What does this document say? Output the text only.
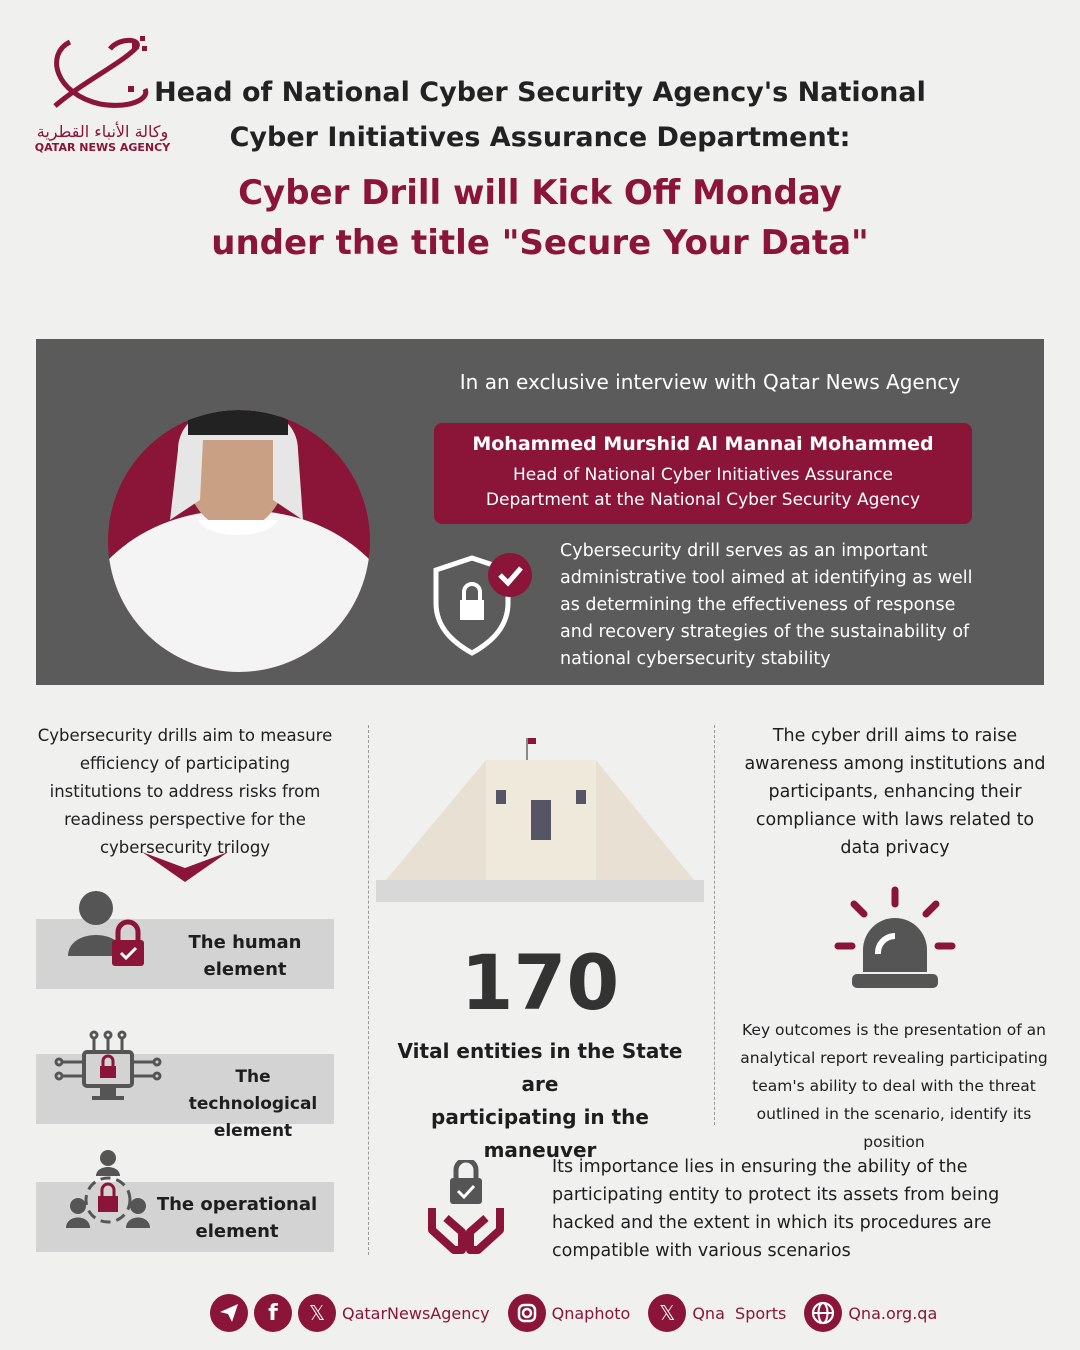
وكالة الأنباء القطرية
QATAR NEWS AGENCY
Head of National Cyber Security Agency's National
Cyber Initiatives Assurance Department:
Cyber Drill will Kick Off Monday
under the title "Secure Your Data"
In an exclusive interview with Qatar News Agency
Mohammed Murshid Al Mannai Mohammed
Head of National Cyber Initiatives Assurance
Department at the National Cyber Security Agency
Cybersecurity drill serves as an important administrative tool aimed at identifying as well as determining the effectiveness of response and recovery strategies of the sustainability of national cybersecurity stability
Cybersecurity drills aim to measure efficiency of participating institutions to address risks from readiness perspective for the cybersecurity trilogy
The human
element
The technological
element
The operational
element
170
Vital entities in the State are
participating in the maneuver
The cyber drill aims to raise awareness among institutions and participants, enhancing their compliance with laws related to data privacy
Key outcomes is the presentation of an analytical report revealing participating team's ability to deal with the threat outlined in the scenario, identify its position
Its importance lies in ensuring the ability of the participating entity to protect its assets from being hacked and the extent in which its procedures are compatible with various scenarios
f 𝕏 QatarNewsAgency	Qnaphoto 𝕏 Qna  Sports	Qna.org.qa
